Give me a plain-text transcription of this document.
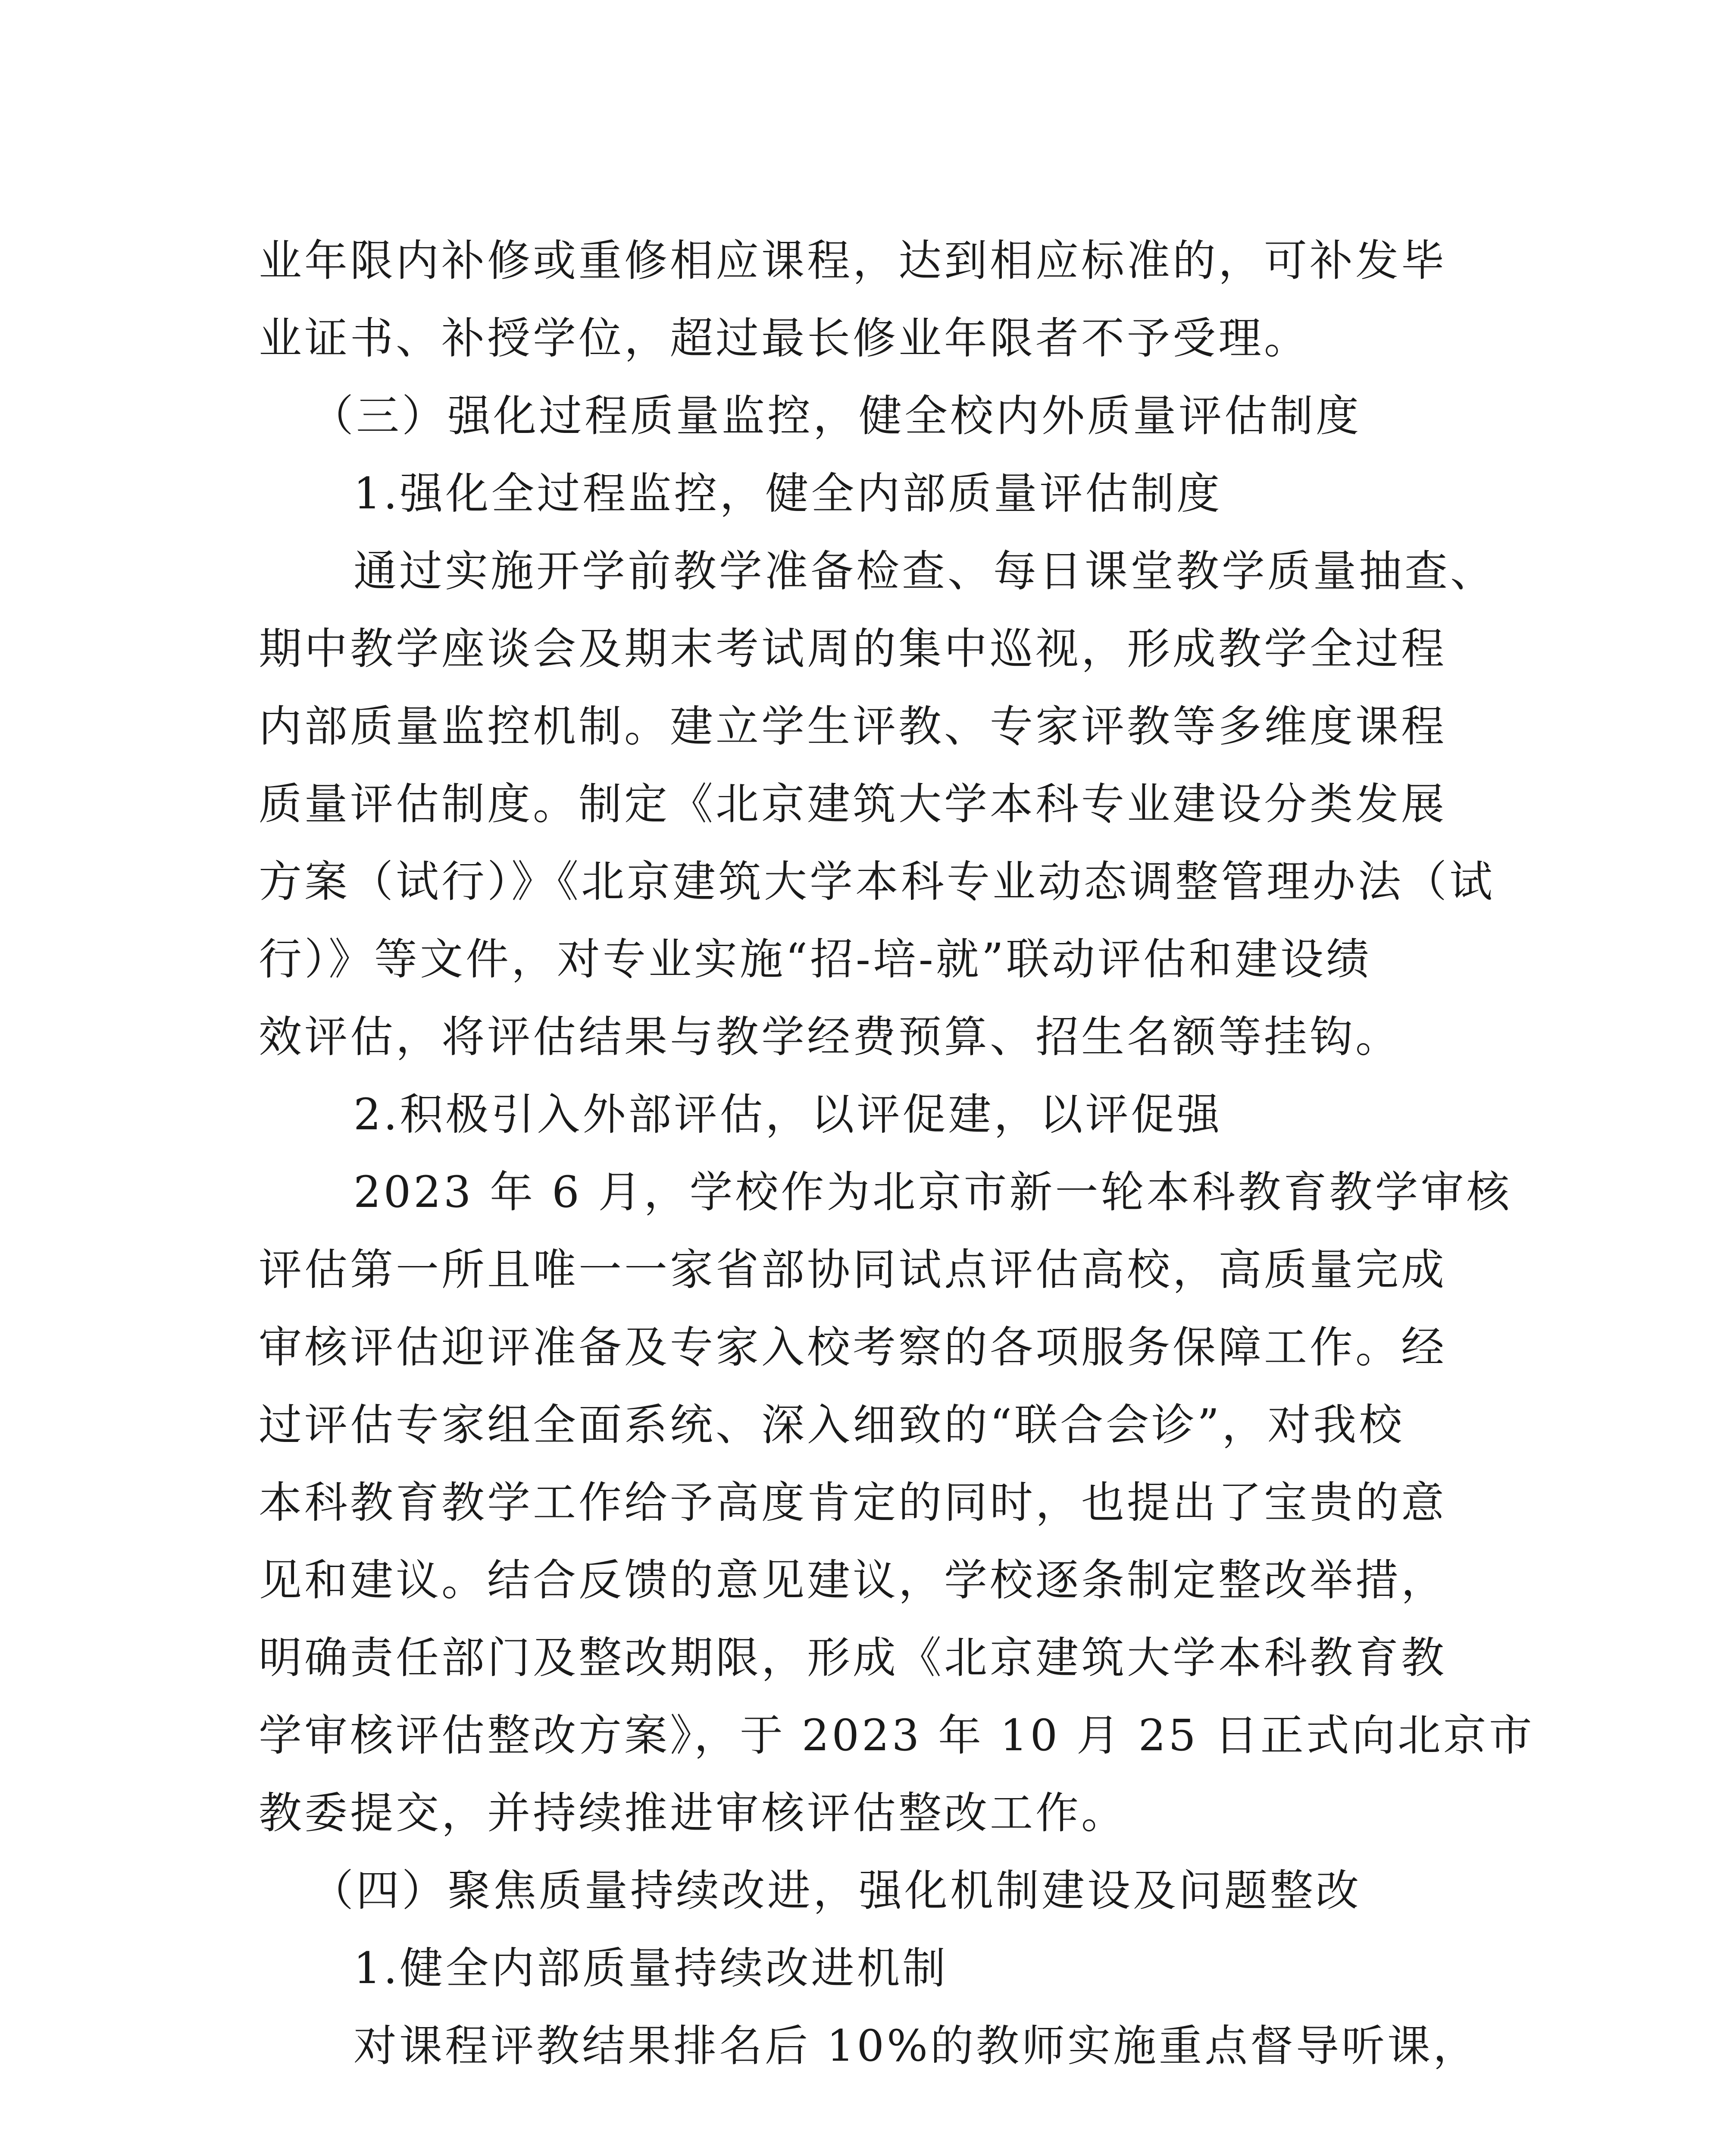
业年限内补修或重修相应课程，达到相应标准的，可补发毕
业证书、补授学位，超过最长修业年限者不予受理。
（三）强化过程质量监控，健全校内外质量评估制度
1.强化全过程监控，健全内部质量评估制度
通过实施开学前教学准备检查、每日课堂教学质量抽查、
期中教学座谈会及期末考试周的集中巡视，形成教学全过程
内部质量监控机制。建立学生评教、专家评教等多维度课程
质量评估制度。制定《北京建筑大学本科专业建设分类发展
方案（试行）》《北京建筑大学本科专业动态调整管理办法（试
行）》等文件，对专业实施“招-培-就”联动评估和建设绩
效评估，将评估结果与教学经费预算、招生名额等挂钩。
2.积极引入外部评估，以评促建，以评促强
2023 年 6 月，学校作为北京市新一轮本科教育教学审核
评估第一所且唯一一家省部协同试点评估高校，高质量完成
审核评估迎评准备及专家入校考察的各项服务保障工作。经
过评估专家组全面系统、深入细致的“联合会诊”，对我校
本科教育教学工作给予高度肯定的同时，也提出了宝贵的意
见和建议。结合反馈的意见建议，学校逐条制定整改举措，
明确责任部门及整改期限，形成《北京建筑大学本科教育教
学审核评估整改方案》，于 2023 年 10 月 25 日正式向北京市
教委提交，并持续推进审核评估整改工作。
（四）聚焦质量持续改进，强化机制建设及问题整改
1.健全内部质量持续改进机制
对课程评教结果排名后 10%的教师实施重点督导听课，
